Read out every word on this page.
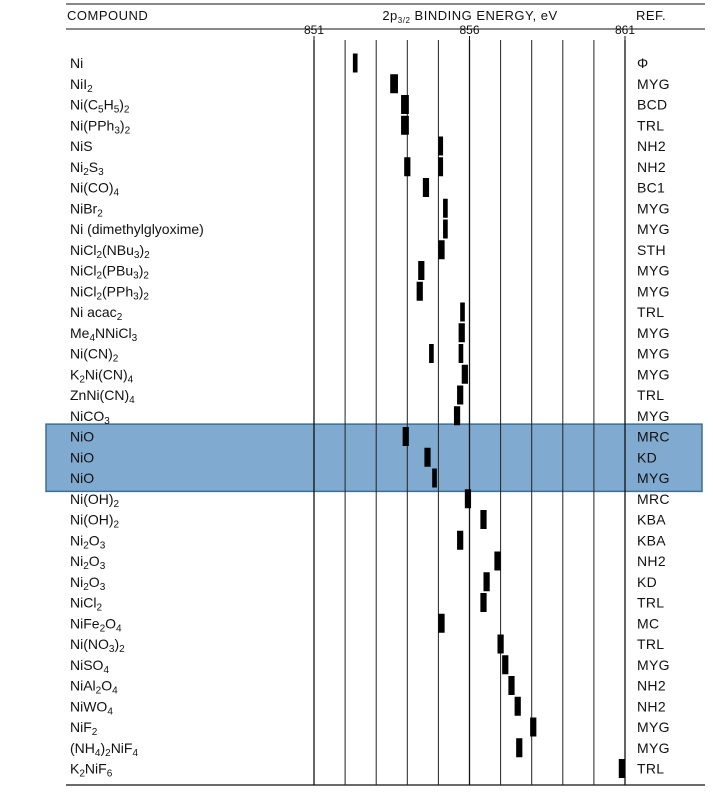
COMPOUND	$2p_{3/2}$ BINDING ENERGY, eV	REF.
851	856	861
Ni	Φ
NiI$_2$	MYG
$Ni(C_5H_5)_2$	BCD
$Ni(PPh_3)_2$	TRL
NiS	NH2
$Ni_2S_3$	NH2
$Ni(CO)_4$	BC1
NiBr$_2$	MYG
Ni (dimethylglyoxime)	MYG
$NiCl_2(NBu_3)_2$	STH
$NiCl_2(PBu_3)_2$	MYG
$NiCl_2(PPh_3)_2$	MYG
Ni acac$_2$	TRL
$Me_4NNiCl_3$	MYG
$Ni(CN)_2$	MYG
$K_2Ni(CN)_4$	MYG
$ZnNi(CN)_4$	TRL
NiCO$_3$	MYG
NiO	MRC
NiO	KD
NiO	MYG
$Ni(OH)_2$	MRC
$Ni(OH)_2$	KBA
$Ni_2O_3$	KBA
$Ni_2O_3$	NH2
$Ni_2O_3$	KD
NiCl$_2$	TRL
$NiFe_2O_4$	MC
$Ni(NO_3)_2$	TRL
NiSO$_4$	MYG
$NiAl_2O_4$	NH2
NiWO$_4$	NH2
NiF$_2$	MYG
$(NH_4)_2NiF_4$	MYG
$K_2NiF_6$	TRL
